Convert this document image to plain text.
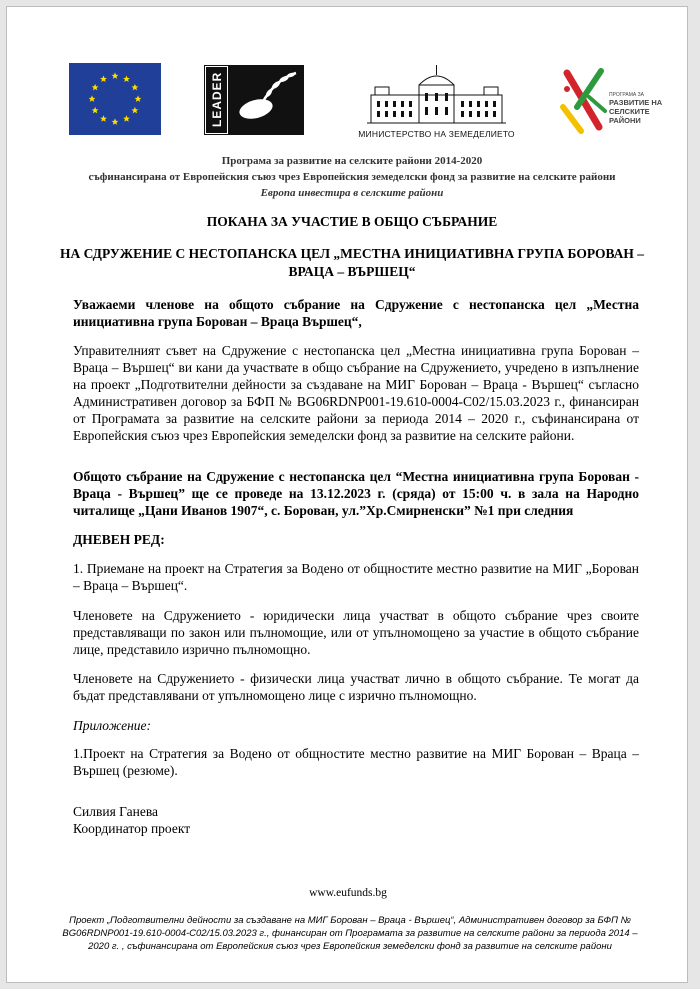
LEADER
МИНИСТЕРСТВО НА ЗЕМЕДЕЛИЕТО
ПРОГРАМА ЗА
РАЗВИТИЕ НА
СЕЛСКИТЕ РАЙОНИ
Програма за развитие на селските райони 2014-2020
съфинансирана от Европейския съюз чрез Европейския земеделски фонд за развитие на селските райони
Европа инвестира в селските райони
ПОКАНА ЗА УЧАСТИЕ В ОБЩО СЪБРАНИЕ
НА СДРУЖЕНИЕ С НЕСТОПАНСКА ЦЕЛ „МЕСТНА ИНИЦИАТИВНА ГРУПА БОРОВАН – ВРАЦА – ВЪРШЕЦ“
Уважаеми членове на общото събрание на Сдружение с нестопанска цел „Местна инициативна група Борован – Враца Вършец“,
Управителният съвет на Сдружение с нестопанска цел „Местна инициативна група Борован – Враца – Вършец“ ви кани да участвате в общо събрание на Сдружението, учредено в изпълнение на проект „Подготвителни дейности за създаване на МИГ Борован – Враца - Вършец“ съгласно Административен договор за БФП № BG06RDNP001-19.610-0004-C02/15.03.2023 г., финансиран от Програмата за развитие на селските райони за периода 2014 – 2020 г., съфинансирана от Европейския съюз чрез Европейския земеделски фонд за развитие на селските райони.
Общото събрание на Сдружение с нестопанска цел “Местна инициативна група Борован - Враца - Вършец” ще се проведе на 13.12.2023 г. (сряда) от 15:00 ч. в зала на Народно читалище „Цани Иванов 1907“, с. Борован, ул.”Хр.Смирненски” №1 при следния
ДНЕВЕН РЕД:
1. Приемане на проект на Стратегия за Водено от общностите местно развитие на МИГ „Борован – Враца – Вършец“.
Членовете на Сдружението - юридически лица участват в общото събрание чрез своите представляващи по закон или пълномощие, или от упълномощено за участие в общото събрание лице, представило изрично пълномощно.
Членовете на Сдружението - физически лица участват лично в общото събрание. Те могат да бъдат представлявани от упълномощено лице с изрично пълномощно.
Приложение:
1.Проект на Стратегия за Водено от общностите местно развитие на МИГ Борован – Враца – Вършец (резюме).
Силвия Ганева
Координатор проект
www.eufunds.bg
Проект „Подготвителни дейности за създаване на МИГ Борован – Враца - Вършец“, Административен договор за БФП № BG06RDNP001-19.610-0004-C02/15.03.2023 г., финансиран от Програмата за развитие на селските райони за периода 2014 – 2020 г. , съфинансирана от Европейския съюз чрез Европейския земеделски фонд за развитие на селските райони
